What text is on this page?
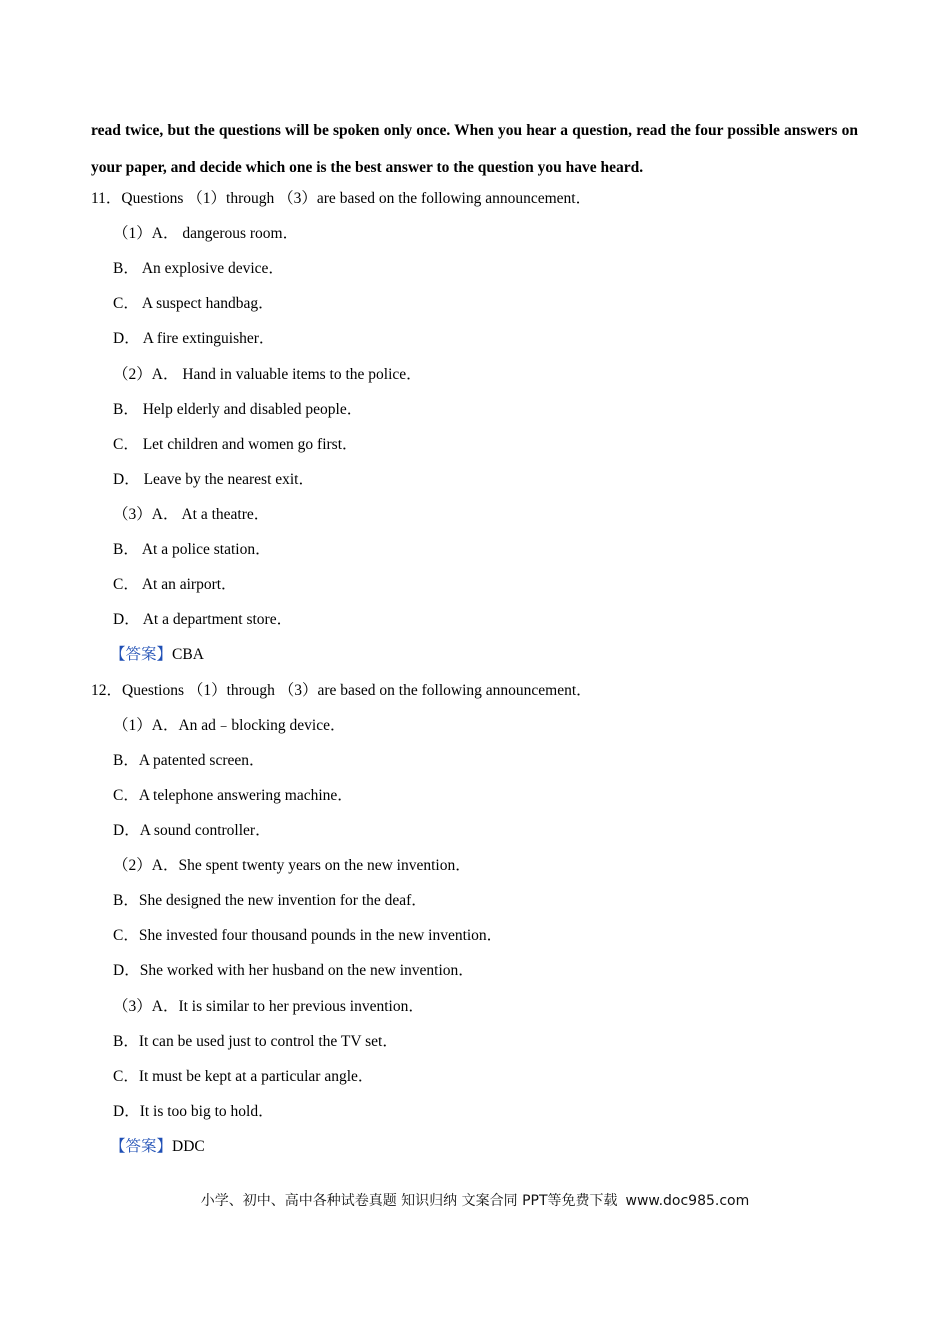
read twice, but the questions will be spoken only once. When you hear a question, read the four possible answers on your paper, and decide which one is the best answer to the question you have heard.
11．Questions （1）through （3）are based on the following announcement．
（1）A． dangerous room．
B． An explosive device．
C． A suspect handbag．
D． A fire extinguisher．
（2）A． Hand in valuable items to the police．
B． Help elderly and disabled people．
C． Let children and women go first．
D． Leave by the nearest exit．
（3）A． At a theatre．
B． At a police station．
C． At an airport．
D． At a department store．
【答案】CBA
12．Questions （1）through （3）are based on the following announcement．
（1）A．An ad﹣blocking device．
B．A patented screen．
C．A telephone answering machine．
D．A sound controller．
（2）A．She spent twenty years on the new invention．
B．She designed the new invention for the deaf．
C．She invested four thousand pounds in the new invention．
D．She worked with her husband on the new invention．
（3）A．It is similar to her previous invention．
B．It can be used just to control the TV set．
C．It must be kept at a particular angle．
D．It is too big to hold．
【答案】DDC
小学、初中、高中各种试卷真题 知识归纳 文案合同 PPT等免费下载 www.doc985.com
